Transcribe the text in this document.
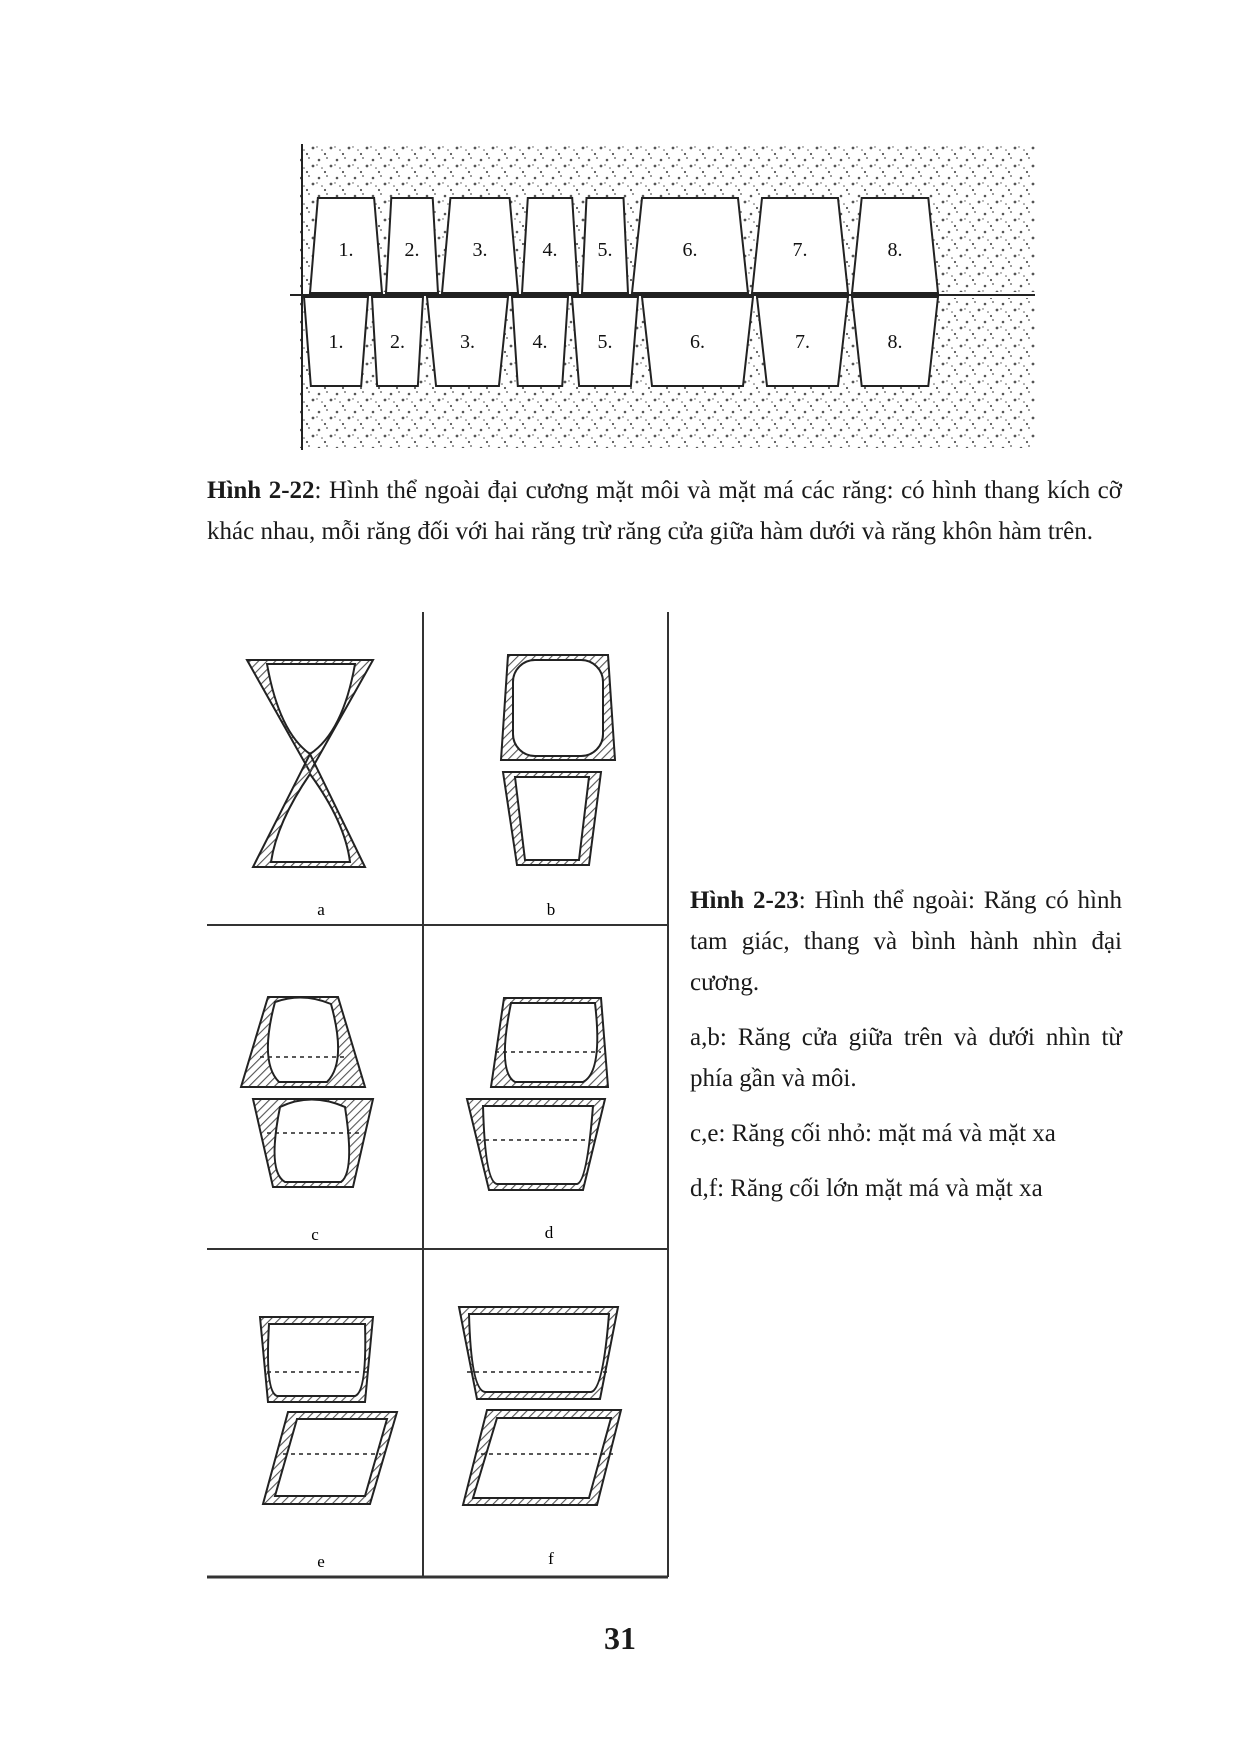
1.	2.	3.	4. 5.	6.	7.	8.
1. 2.	3.	4.	5.	6.	7.	8.
Hình 2-22: Hình thể ngoài đại cương mặt môi và mặt má các răng: có hình thang kích cỡ khác nhau, mỗi răng đối với hai răng trừ răng cửa giữa hàm dưới và răng khôn hàm trên.
a	b
c	d
e	f

Hình 2-23: Hình thể ngoài: Răng có hình tam giác, thang và bình hành nhìn đại cương.

a,b: Răng cửa giữa trên và dưới nhìn từ phía gần và môi.

c,e: Răng cối nhỏ: mặt má và mặt xa

d,f: Răng cối lớn mặt má và mặt xa

31
